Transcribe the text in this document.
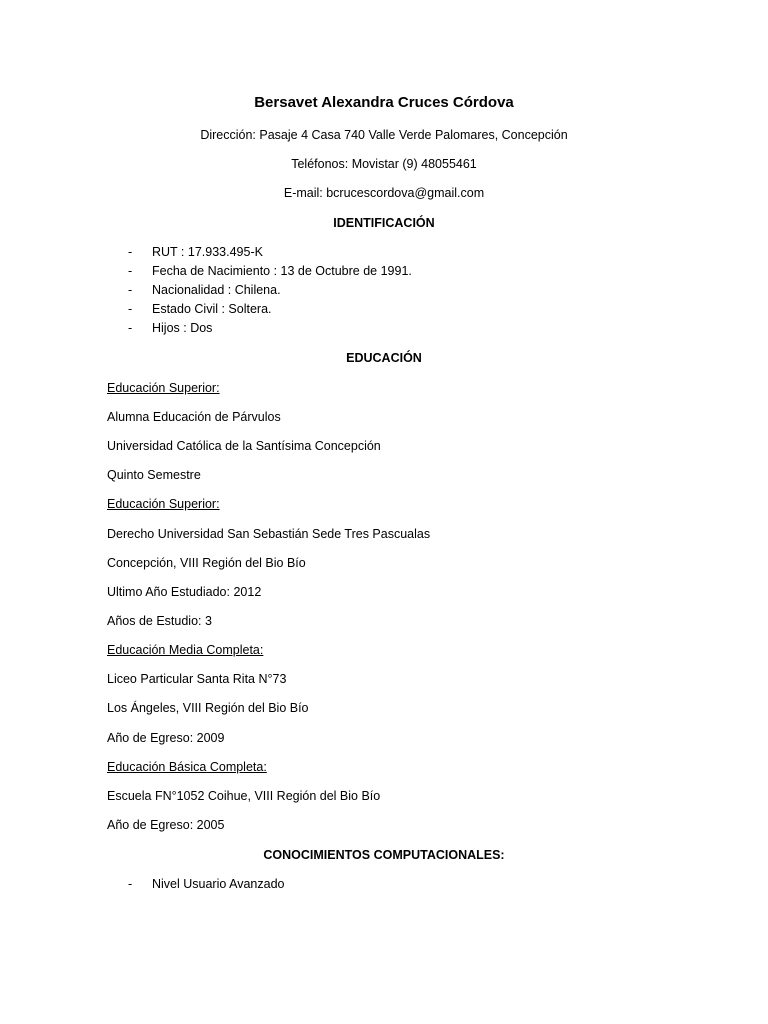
Bersavet Alexandra Cruces Córdova
Dirección: Pasaje 4 Casa 740 Valle Verde Palomares, Concepción
Teléfonos: Movistar (9) 48055461
E-mail: bcrucescordova@gmail.com
IDENTIFICACIÓN
- RUT : 17.933.495-K
- Fecha de Nacimiento : 13 de Octubre de 1991.
- Nacionalidad : Chilena.
- Estado Civil : Soltera.
- Hijos : Dos
EDUCACIÓN
Educación Superior:
Alumna Educación de Párvulos
Universidad Católica de la Santísima Concepción
Quinto Semestre
Educación Superior:
Derecho Universidad San Sebastián Sede Tres Pascualas
Concepción, VIII Región del Bio Bío
Ultimo Año Estudiado: 2012
Años de Estudio: 3
Educación Media Completa:
Liceo Particular Santa Rita N°73
Los Ángeles, VIII Región del Bio Bío
Año de Egreso: 2009
Educación Básica Completa:
Escuela FN°1052 Coihue, VIII Región del Bio Bío
Año de Egreso: 2005
CONOCIMIENTOS COMPUTACIONALES:
- Nivel Usuario Avanzado
